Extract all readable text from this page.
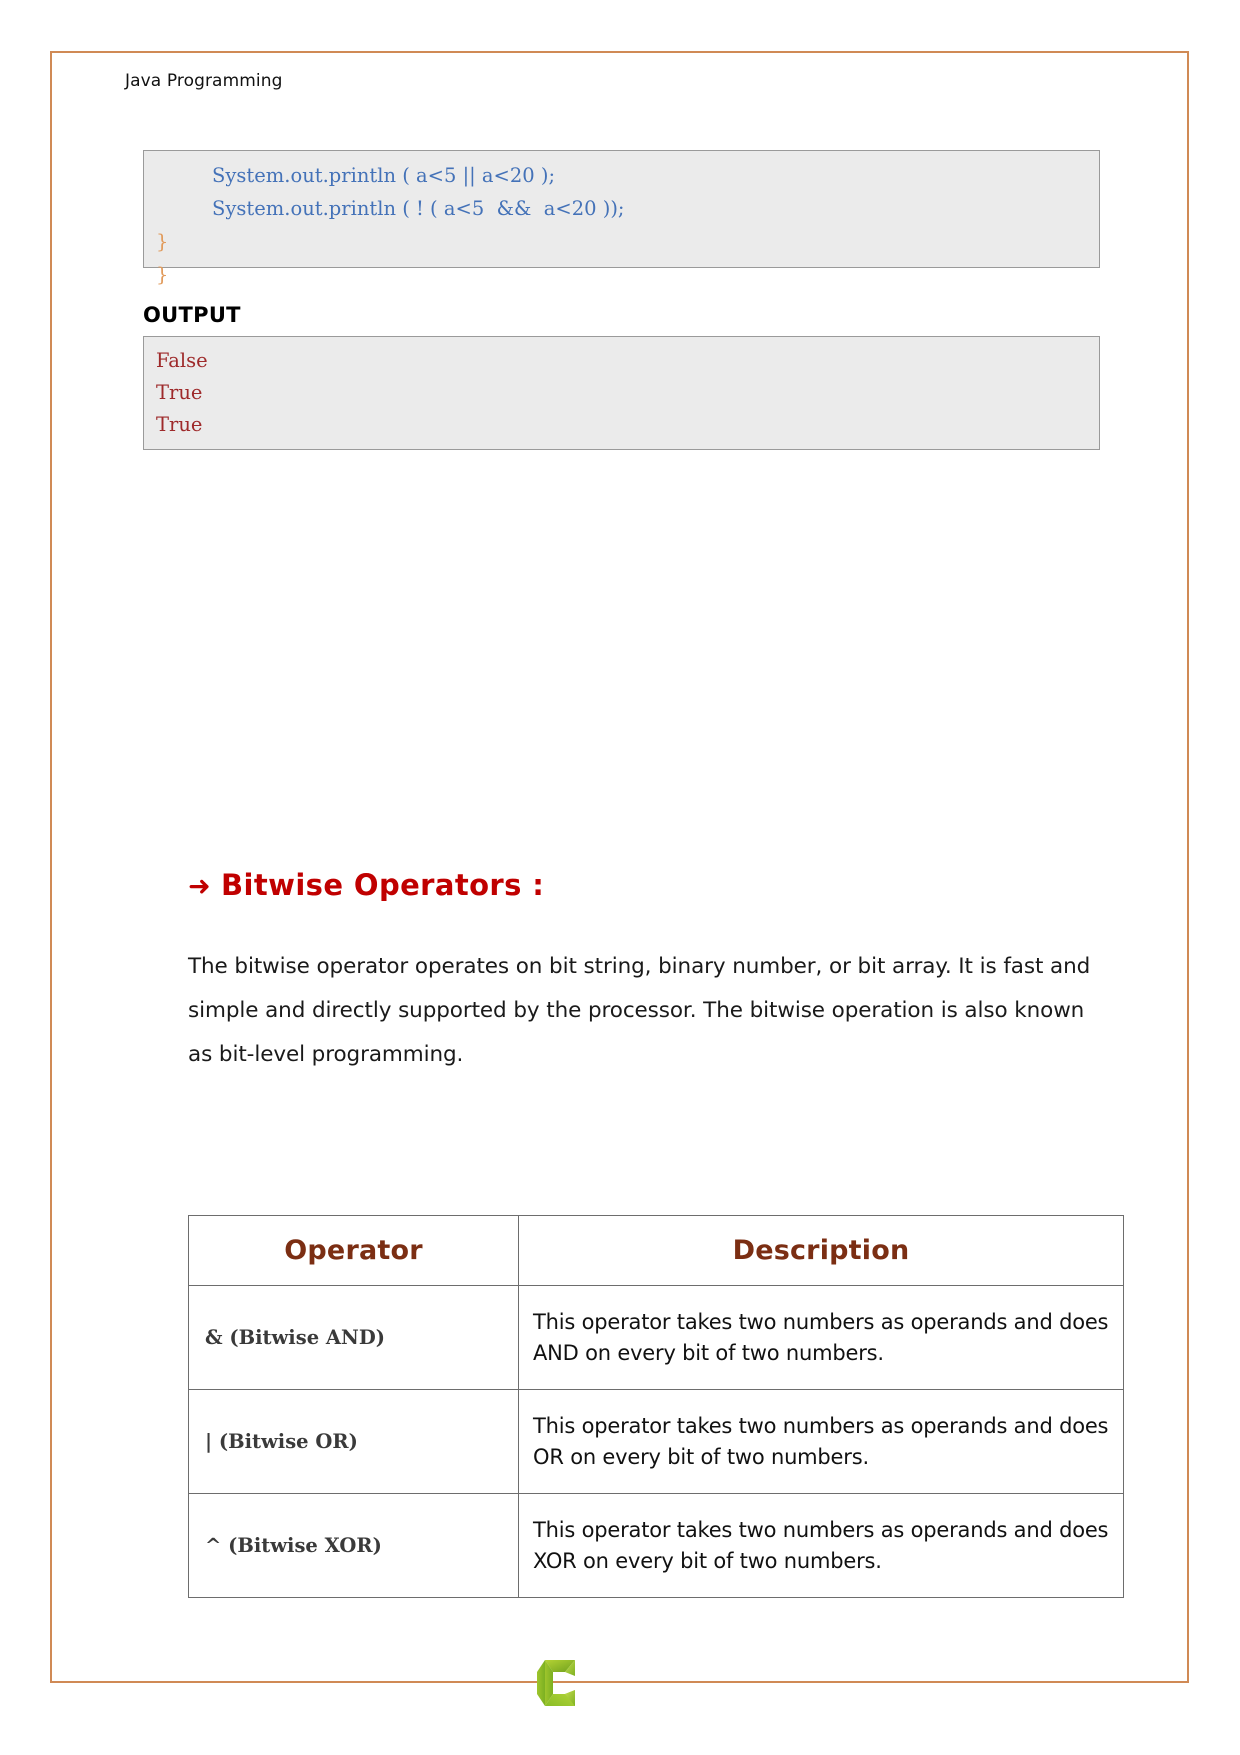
Java Programming
System.out.println ( a<5 || a<20 );
System.out.println ( ! ( a<5  &&  a<20 ));
}
}
OUTPUT
False
True
True
➜ Bitwise Operators :
The bitwise operator operates on bit string, binary number, or bit array. It is fast and simple and directly supported by the processor. The bitwise operation is also known as bit-level programming.
Operator	Description
& (Bitwise AND)	This operator takes two numbers as operands and does AND on every bit of two numbers.
| (Bitwise OR)	This operator takes two numbers as operands and does OR on every bit of two numbers.
^ (Bitwise XOR)	This operator takes two numbers as operands and does XOR on every bit of two numbers.
